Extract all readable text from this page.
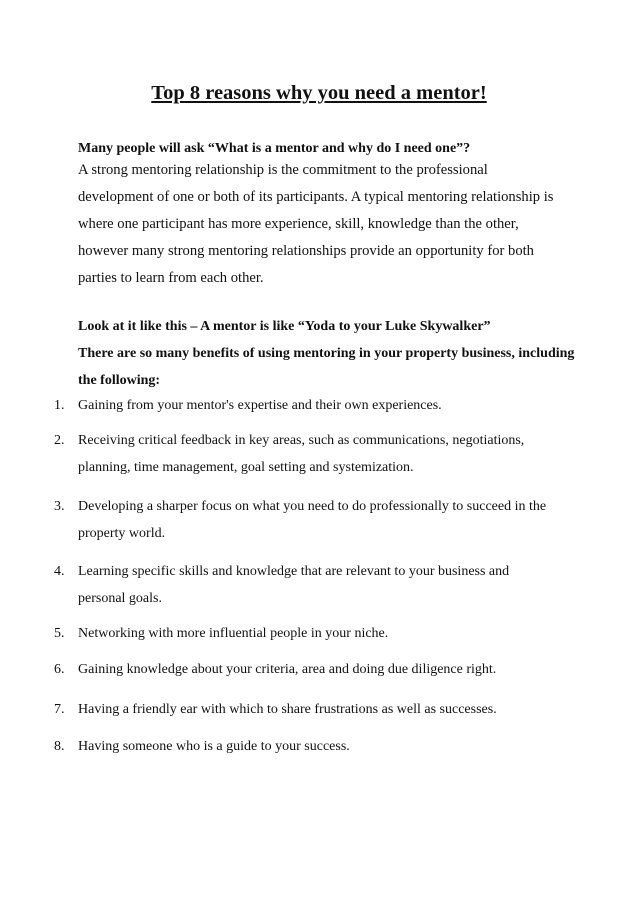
Top 8 reasons why you need a mentor!

Many people will ask “What is a mentor and why do I need one”?

A strong mentoring relationship is the commitment to the professional development of one or both of its participants. A typical mentoring relationship is where one participant has more experience, skill, knowledge than the other, however many strong mentoring relationships provide an opportunity for both parties to learn from each other.

Look at it like this – A mentor is like “Yoda to your Luke Skywalker”
There are so many benefits of using mentoring in your property business, including the following:
1. Gaining from your mentor's expertise and their own experiences.
2. Receiving critical feedback in key areas, such as communications, negotiations, planning, time management, goal setting and systemization.
3. Developing a sharper focus on what you need to do professionally to succeed in the property world.
4. Learning specific skills and knowledge that are relevant to your business and personal goals.
5. Networking with more influential people in your niche.
6. Gaining knowledge about your criteria, area and doing due diligence right.
7. Having a friendly ear with which to share frustrations as well as successes.
8. Having someone who is a guide to your success.
